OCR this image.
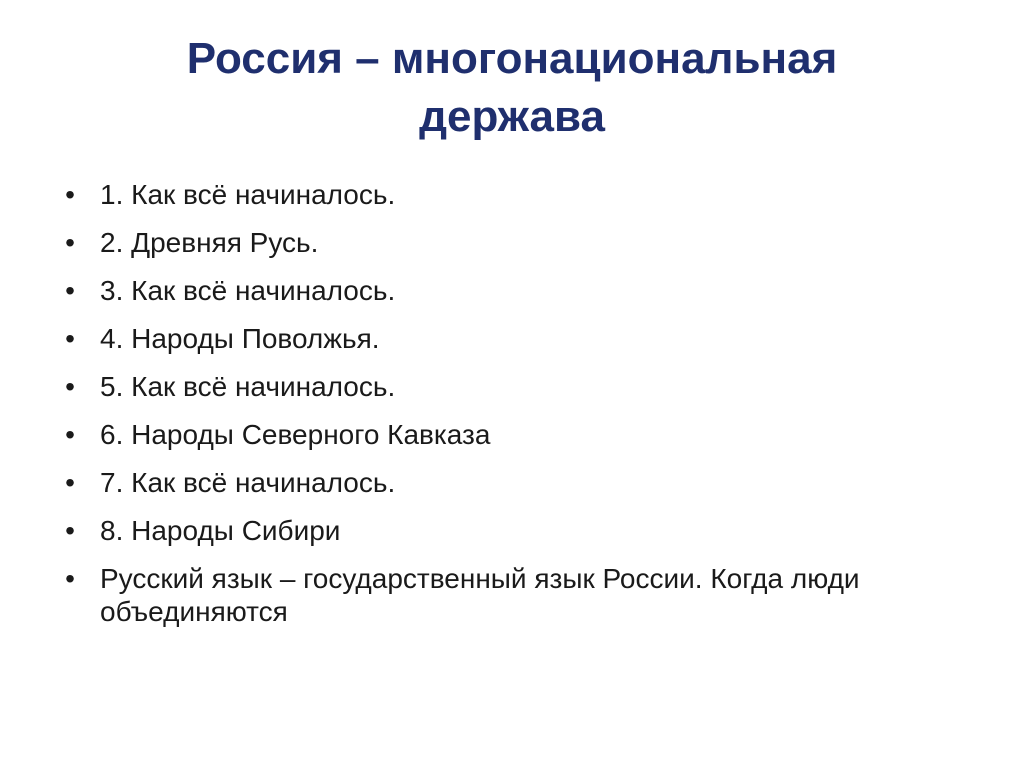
Россия – многонациональная
держава
• 1. Как всё начиналось.
• 2. Древняя Русь.
• 3. Как всё начиналось.
• 4. Народы Поволжья.
• 5. Как всё начиналось.
• 6. Народы Северного Кавказа
• 7. Как всё начиналось.
• 8. Народы Сибири
• Русский язык – государственный язык России. Когда люди объединяются
